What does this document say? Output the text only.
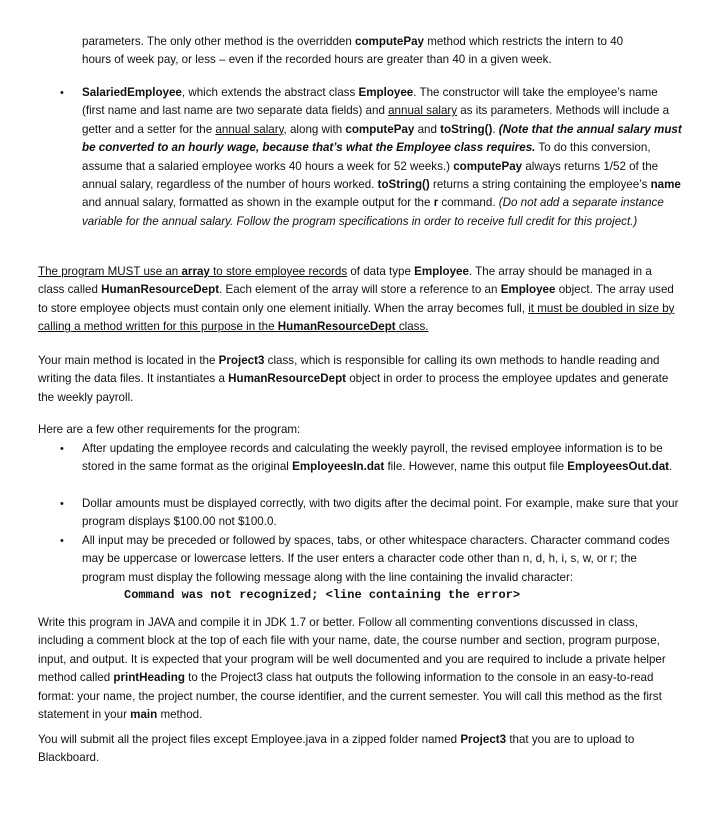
parameters. The only other method is the overridden computePay method which restricts the intern to 40
hours of week pay, or less – even if the recorded hours are greater than 40 in a given week.

• SalariedEmployee, which extends the abstract class Employee. The constructor will take the employee’s name (first name and last name are two separate data fields) and annual salary as its parameters. Methods will include a getter and a setter for the annual salary, along with computePay and toString(). (Note that the annual salary must be converted to an hourly wage, because that’s what the Employee class requires. To do this conversion, assume that a salaried employee works 40 hours a week for 52 weeks.) computePay always returns 1/52 of the annual salary, regardless of the number of hours worked. toString() returns a string containing the employee’s name and annual salary, formatted as shown in the example output for the r command. (Do not add a separate instance variable for the annual salary. Follow the program specifications in order to receive full credit for this project.)

The program MUST use an array to store employee records of data type Employee. The array should be managed in a class called HumanResourceDept. Each element of the array will store a reference to an Employee object. The array used to store employee objects must contain only one element initially. When the array becomes full, it must be doubled in size by calling a method written for this purpose in the HumanResourceDept class.

Your main method is located in the Project3 class, which is responsible for calling its own methods to handle reading and writing the data files. It instantiates a HumanResourceDept object in order to process the employee updates and generate the weekly payroll.

Here are a few other requirements for the program:

• After updating the employee records and calculating the weekly payroll, the revised employee information is to be stored in the same format as the original EmployeesIn.dat file. However, name this output file EmployeesOut.dat.

• Dollar amounts must be displayed correctly, with two digits after the decimal point. For example, make sure that your program displays $100.00 not $100.0.

• All input may be preceded or followed by spaces, tabs, or other whitespace characters. Character command codes may be uppercase or lowercase letters. If the user enters a character code other than n, d, h, i, s, w, or r; the program must display the following message along with the line containing the invalid character:

Command was not recognized; <line containing the error>

Write this program in JAVA and compile it in JDK 1.7 or better. Follow all commenting conventions discussed in class, including a comment block at the top of each file with your name, date, the course number and section, program purpose, input, and output. It is expected that your program will be well documented and you are required to include a private helper method called printHeading to the Project3 class hat outputs the following information to the console in an easy-to-read format: your name, the project number, the course identifier, and the current semester. You will call this method as the first statement in your main method.

You will submit all the project files except Employee.java in a zipped folder named Project3 that you are to upload to Blackboard.
